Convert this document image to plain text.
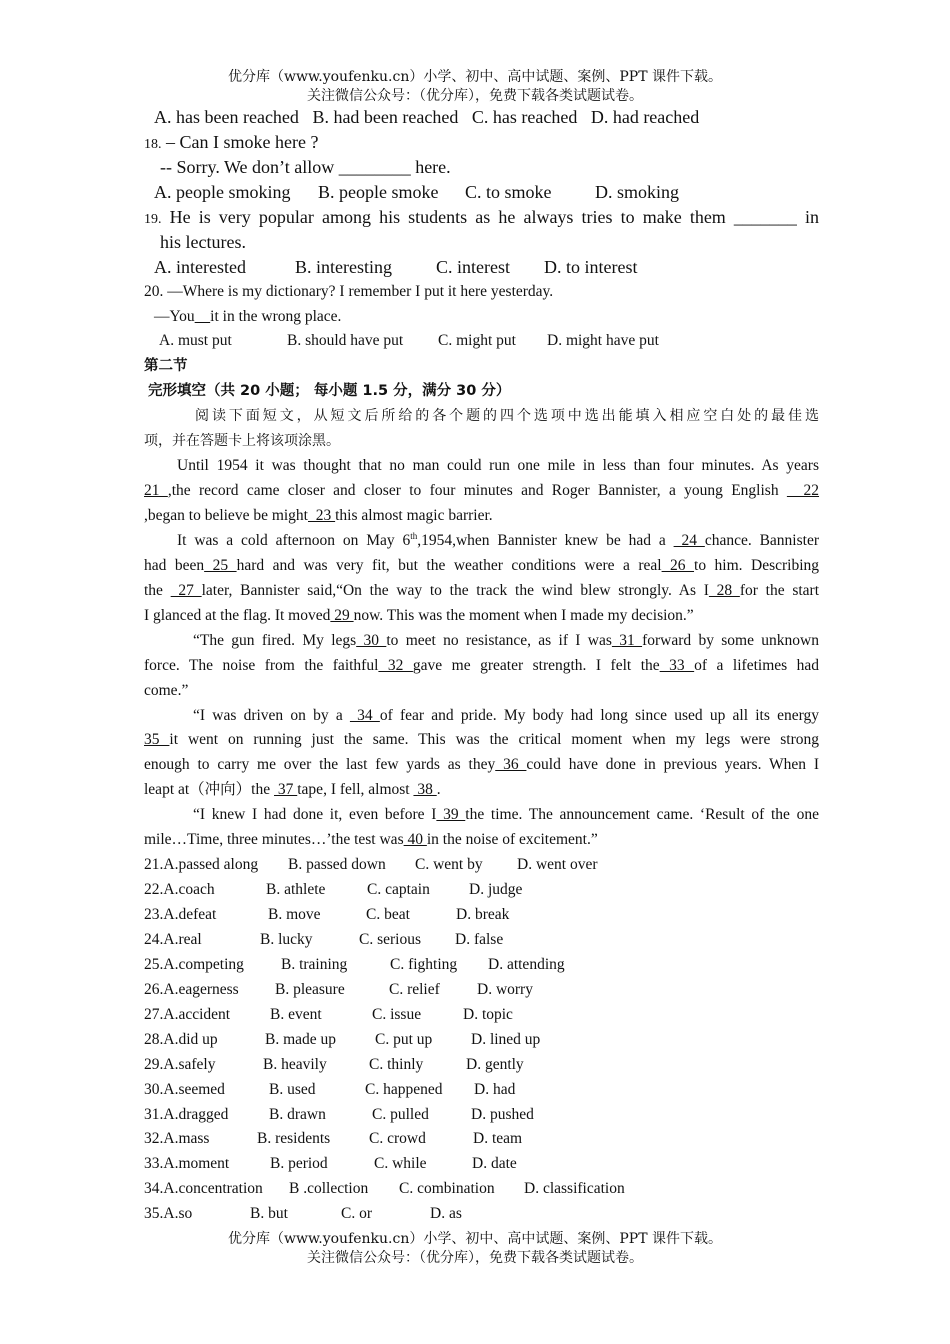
优分库（www.youfenku.cn）小学、初中、高中试题、案例、PPT 课件下载。
关注微信公众号：（优分库），免费下载各类试题试卷。
A. has been reached B. had been reached C. has reached D. had reached
18. – Can I smoke here ?
-- Sorry. We don’t allow ________ here.
A. people smoking B. people smoke C. to smoke D. smoking
19. He is very popular among his students as he always tries to make them _______ in
his lectures.
A. interested	B. interesting C. interest D. to interest
20. —Where is my dictionary? I remember I put it here yesterday.
—You it in the wrong place.
A. must put	B. should have put C. might put D. might have put
第二节
完形填空（共 20 小题； 每小题 1.5 分，满分 30 分）
阅读下面短文，从短文后所给的各个题的四个选项中选出能填入相应空白处的最佳选
项，并在答题卡上将该项涂黑。
Until 1954 it was thought that no man could run one mile in less than four minutes. As years
21 ,the record came closer and closer to four minutes and Roger Bannister, a young English   22
,began to believe be might  23 this almost magic barrier.
It was a cold afternoon on May 6th,1954,when Bannister knew be had a  24 chance. Bannister
had been 25 hard and was very fit, but the weather conditions were a real 26 to him. Describing
the  27 later, Bannister said,“On the way to the track the wind blew strongly. As I 28 for the start
I glanced at the flag. It moved 29 now. This was the moment when I made my decision.”
“The gun fired. My legs 30 to meet no resistance, as if I was 31 forward by some unknown
force. The noise from the faithful 32 gave me greater strength. I felt the 33 of a lifetimes had
come.”
“I was driven on by a  34 of fear and pride. My body had long since used up all its energy
35 it went on running just the same. This was the critical moment when my legs were strong
enough to carry me over the last few yards as they 36 could have done in previous years. When I
leapt at（冲向）the  37 tape, I fell, almost  38 .
“I knew I had done it, even before I 39 the time. The announcement came. ‘Result of the one
mile…Time, three minutes…’the test was 40 in the noise of excitement.”
21.A.passed along B. passed down C. went by D. went over
22.A.coach	B. athlete	C. captain	D. judge
23.A.defeat	B. move	C. beat	D. break
24.A.real	B. lucky	C. serious D. false
25.A.competing B. training	C. fighting D. attending
26.A.eagerness B. pleasure	C. relief D. worry
27.A.accident	B. event	C. issue	D. topic
28.A.did up	B. made up	C. put up D. lined up
29.A.safely	B. heavily	C. thinly	D. gently
30.A.seemed	B. used	C. happened D. had
31.A.dragged	B. drawn	C. pulled	D. pushed
32.A.mass	B. residents	C. crowd	D. team
33.A.moment	B. period	C. while	D. date
34.A.concentration B .collection C. combination D. classification
35.A.so	B. but	C. or	D. as
优分库（www.youfenku.cn）小学、初中、高中试题、案例、PPT 课件下载。
关注微信公众号：（优分库），免费下载各类试题试卷。
